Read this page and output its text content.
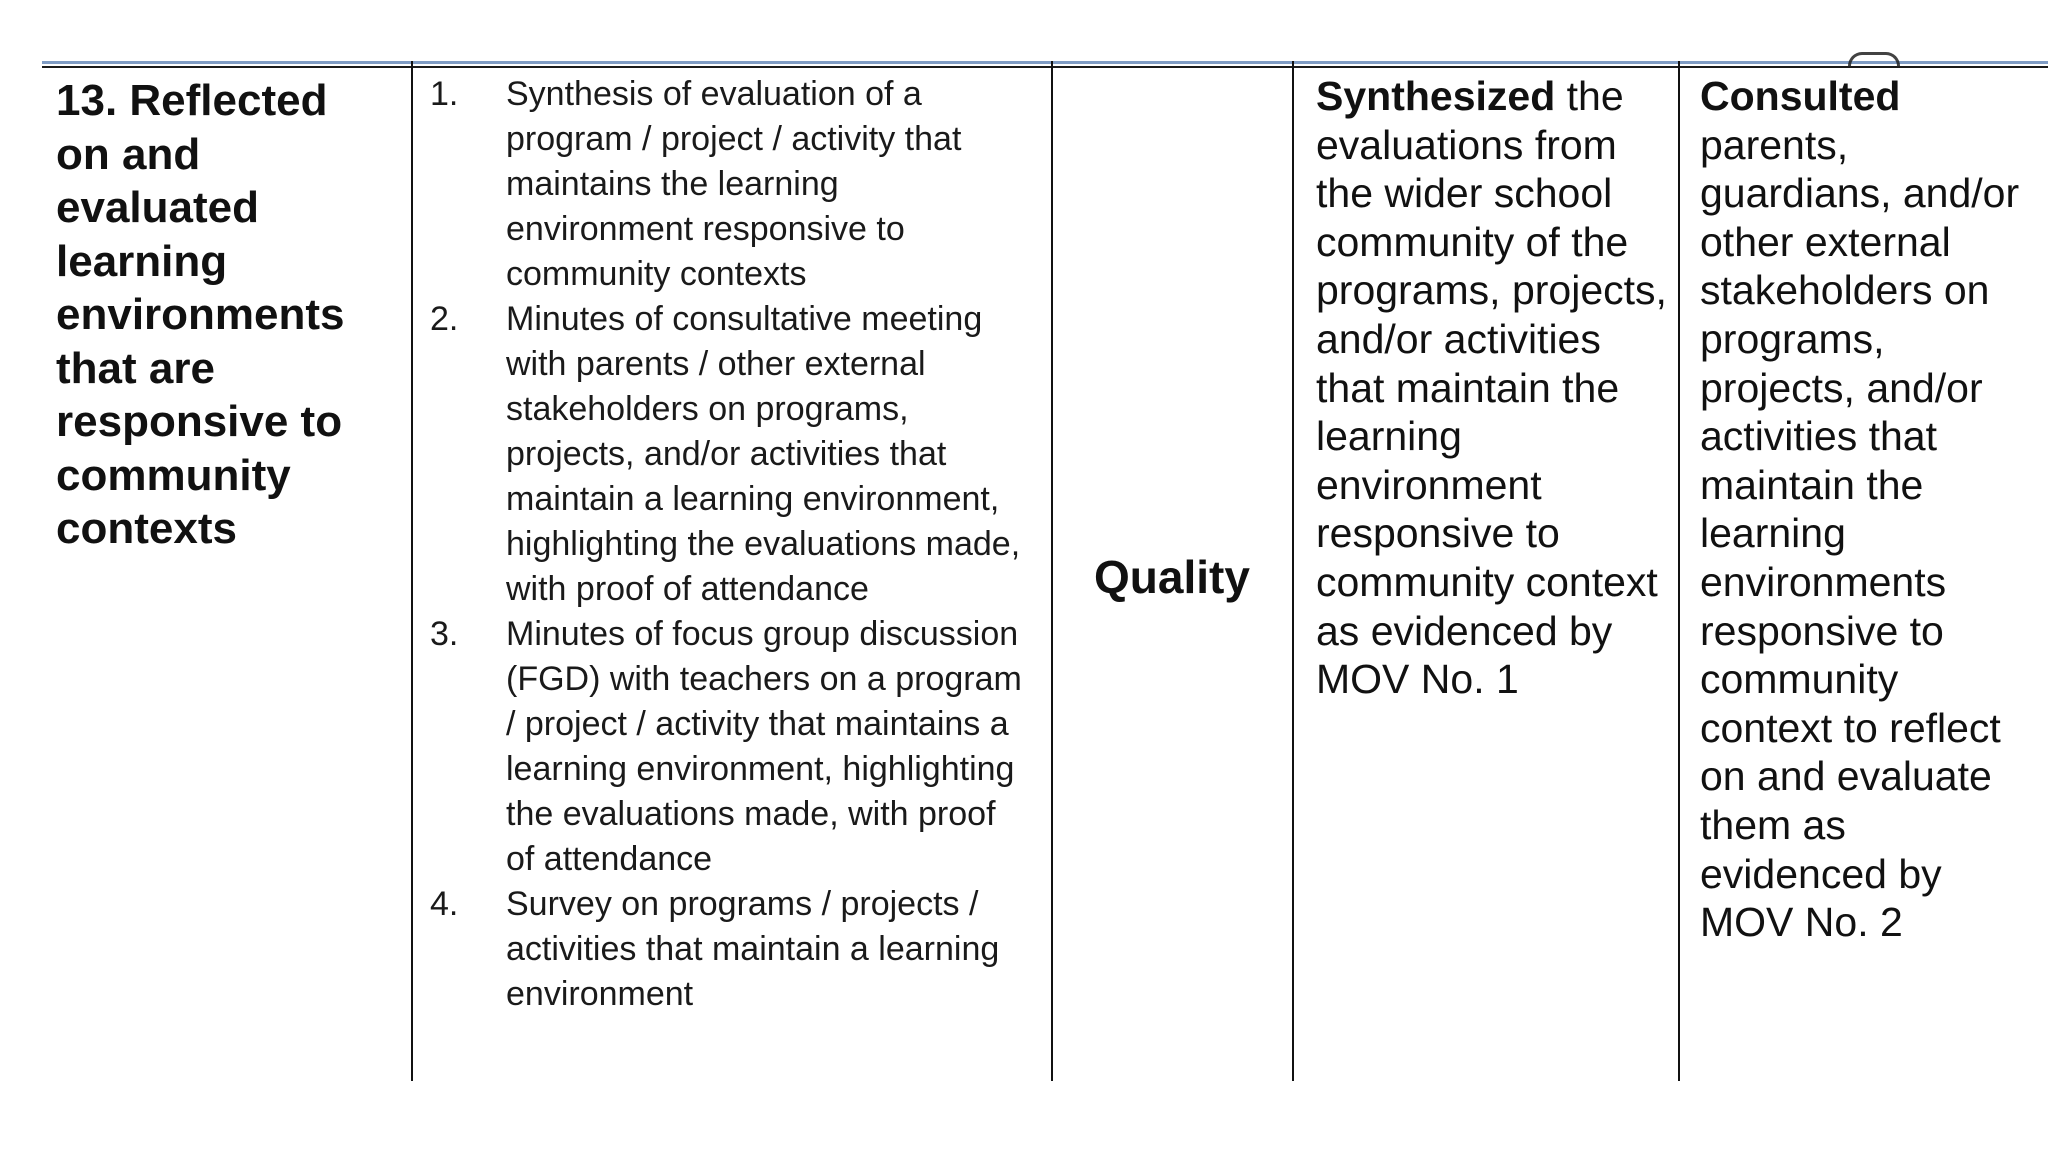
13. Reflected on and evaluated learning environments that are responsive to community contexts
1. Synthesis of evaluation of a program / project / activity that maintains the learning environment responsive to community contexts
2. Minutes of consultative meeting with parents / other external stakeholders on programs, projects, and/or activities that maintain a learning environment, highlighting the evaluations made, with proof of attendance
3. Minutes of focus group discussion (FGD) with teachers on a program / project / activity that maintains a learning environment, highlighting the evaluations made, with proof of attendance
4. Survey on programs / projects / activities that maintain a learning environment
Quality
Synthesized the evaluations from the wider school community of the programs, projects, and/or activities that maintain the learning environment responsive to community context as evidenced by MOV No. 1
Consulted parents, guardians, and/or other external stakeholders on programs, projects, and/or activities that maintain the learning environments responsive to community context to reflect on and evaluate them as evidenced by MOV No. 2
